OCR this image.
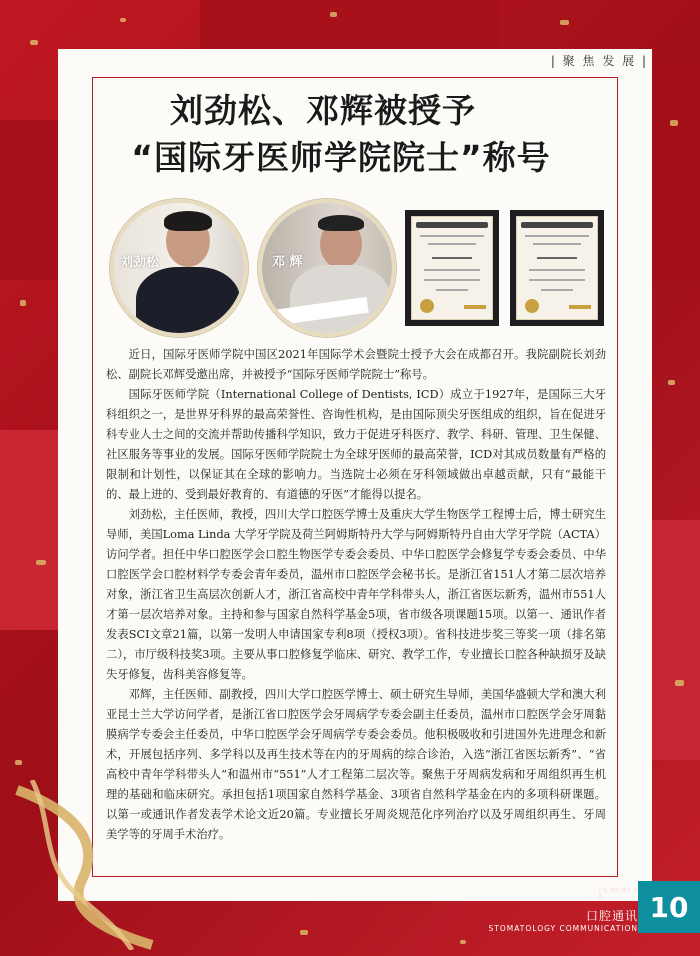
| 聚 焦 发 展 |
刘劲松、邓辉被授予
“国际牙医师学院院士”称号
刘劲松	邓 辉

近日，国际牙医师学院中国区2021年国际学术会暨院士授予大会在成都召开。我院副院长刘劲松、副院长邓辉受邀出席，并被授予“国际牙医师学院院士”称号。

国际牙医师学院（International College of Dentists, ICD）成立于1927年，是国际三大牙科组织之一，是世界牙科界的最高荣誉性、咨询性机构，是由国际顶尖牙医组成的组织，旨在促进牙科专业人士之间的交流并帮助传播科学知识，致力于促进牙科医疗、教学、科研、管理、卫生保健、社区服务等事业的发展。国际牙医师学院院士为全球牙医师的最高荣誉，ICD对其成员数量有严格的限制和计划性，以保证其在全球的影响力。当选院士必须在牙科领域做出卓越贡献，只有“最能干的、最上进的、受到最好教育的、有道德的牙医”才能得以提名。

刘劲松，主任医师，教授，四川大学口腔医学博士及重庆大学生物医学工程博士后，博士研究生导师，美国Loma Linda 大学牙学院及荷兰阿姆斯特丹大学与阿姆斯特丹自由大学牙学院（ACTA）访问学者。担任中华口腔医学会口腔生物医学专委会委员、中华口腔医学会修复学专委会委员、中华口腔医学会口腔材料学专委会青年委员，温州市口腔医学会秘书长。是浙江省151人才第二层次培养对象，浙江省卫生高层次创新人才，浙江省高校中青年学科带头人，浙江省医坛新秀，温州市551人才第一层次培养对象。主持和参与国家自然科学基金5项，省市级各项课题15项。以第一、通讯作者发表SCI文章21篇，以第一发明人申请国家专利8项（授权3项）。省科技进步奖三等奖一项（排名第二），市厅级科技奖3项。主要从事口腔修复学临床、研究、教学工作，专业擅长口腔各种缺损牙及缺失牙修复，齿科美容修复等。

邓辉，主任医师、副教授，四川大学口腔医学博士、硕士研究生导师，美国华盛顿大学和澳大利亚昆士兰大学访问学者，是浙江省口腔医学会牙周病学专委会副主任委员，温州市口腔医学会牙周黏膜病学专委会主任委员，中华口腔医学会牙周病学专委会委员。他积极吸收和引进国外先进理念和新术，开展包括序列、多学科以及再生技术等在内的牙周病的综合诊治，入选“浙江省医坛新秀”、“省高校中青年学科带头人”和温州市“551”人才工程第二层次等。聚焦于牙周病发病和牙周组织再生机理的基础和临床研究。承担包括1项国家自然科学基金、3项省自然科学基金在内的多项科研课题。以第一或通讯作者发表学术论文近20篇。专业擅长牙周炎规范化序列治疗以及牙周组织再生、牙周美学等的牙周手术治疗。

仁爱 精医 博学 求真
口腔通讯
STOMATOLOGY COMMUNICATION
10
